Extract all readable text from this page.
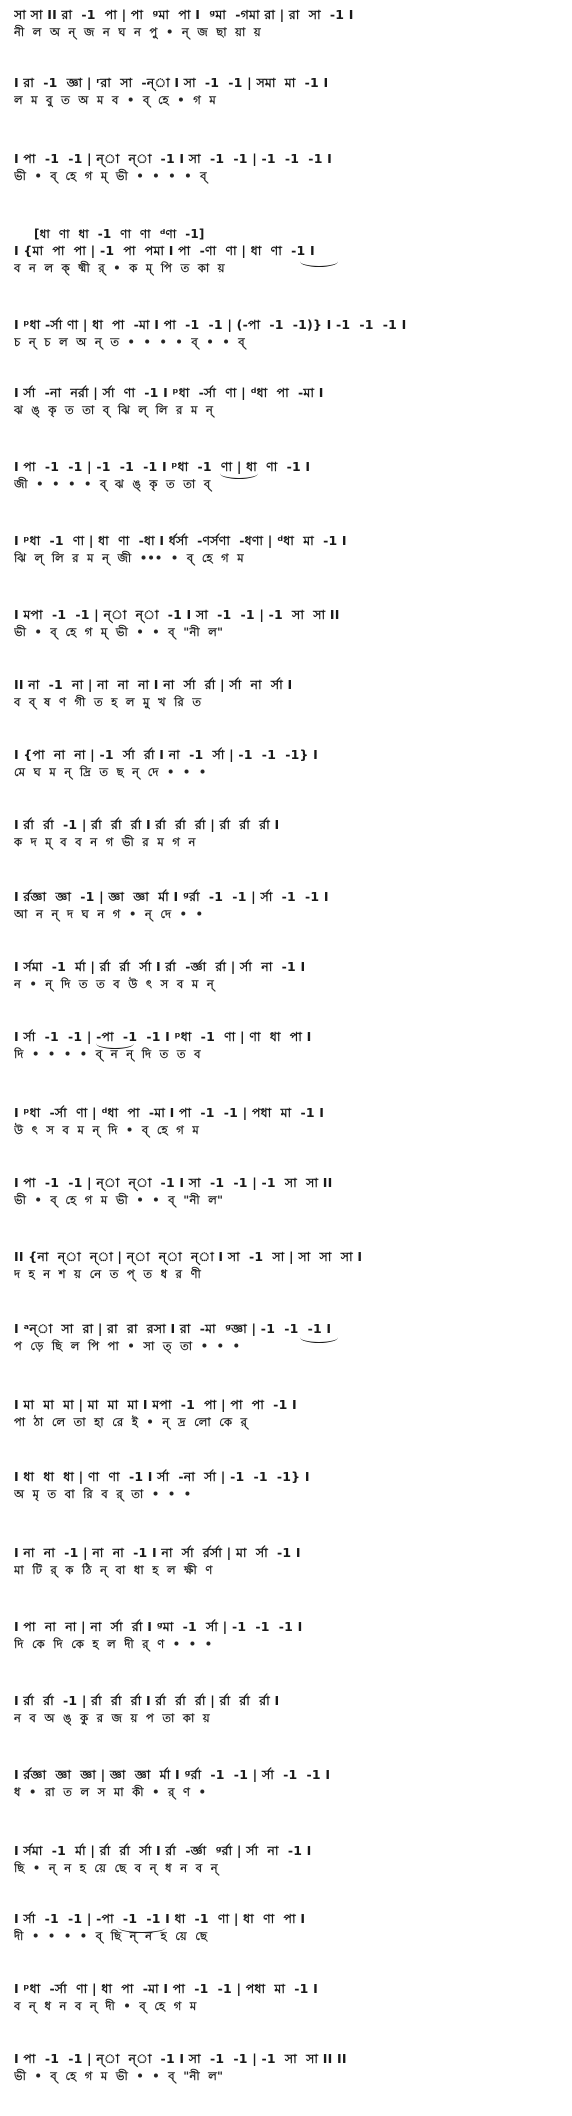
সা সা II রা  -1  পা | পা  ᵍমা  পা I  ᵍমা  -গমা রা | রা  সা  -1 I
নী  ল  অ  ন্  জ  ন  ঘ  ন  পু  •  ন্  জ  ছা  য়া  য়
I রা  -1  জ্ঞা | ʳরা  সা  -ন্‌া I সা  -1  -1 | সমা  মা  -1 I
ল  ম  বু  ত  অ  ম  ব  •  ব্  হে  •  গ  ম
I পা  -1  -1 | ন্‌া  ন্‌া  -1 I সা  -1  -1 | -1  -1  -1 I
ভী  •  ব্  হে  গ  ম্  ভী  •  •  •  •  ব্
[ধা  ণা  ধা  -1  ণা  ণা  ᵈণা  -1]
I {মা  পা  পা | -1  পা  পমা I পা  -ণা  ণা | ধা  ণা  -1 I
ব  ন  ল  ক্  ষ্মী  র্  •  ক  ম্  পি  ত  কা  য়
I ᵖধা -র্সা ণা | ধা  পা  -মা I পা  -1  -1 | (-পা  -1  -1)} I -1  -1  -1 I
চ  ন্  চ  ল  অ  ন্  ত  •  •  •  •  ব্  •  •  ব্
I র্সা  -না  নর্রা | র্সা  ণা  -1 I ᵖধা  -র্সা  ণা | ᵈধা  পা  -মা I
ঝ  ঙ্  কৃ  ত  তা  ব্  ঝি  ল্  লি  র  ম  ন্
I পা  -1  -1 | -1  -1  -1 I ᵖধা  -1  ণা | ধা  ণা  -1 I
জী  •  •  •  •  ব্  ঝ  ঙ্  কৃ  ত  তা  ব্
I ᵖধা  -1  ণা | ধা  ণা  -ধা I র্ধর্সা  -ণর্সণা  -ধণা | ᵈধা  মা  -1 I
ঝি  ল্  লি  র  ম  ন্  জী  •••  •  ব্  হে  গ  ম
I মপা  -1  -1 | ন্‌া  ন্‌া  -1 I সা  -1  -1 | -1  সা  সা II
ভী  •  ব্  হে  গ  ম্  ভী  •  •  ব্  "নী  ল"
II না  -1  না | না  না  না I না  র্সা  র্রা | র্সা  না  র্সা I
ব  ব্  ষ  ণ  গী  ত  হ  ল  মু  খ  রি  ত
I {পা  না  না | -1  র্সা  র্রা I না  -1  র্সা | -1  -1  -1} I
মে  ঘ  ম  ন্  দ্রি  ত  ছ  ন্  দে  •  •  •
I র্রা  র্রা  -1 | র্রা  র্রা  র্রা I র্রা  র্রা  র্রা | র্রা  র্রা  র্রা I
ক  দ  ম্  ব  ব  ন  গ  ভী  র  ম  গ  ন
I র্রজ্ঞা  জ্ঞা  -1 | জ্ঞা  জ্ঞা  র্মা I ᵍর্রা  -1  -1 | র্সা  -1  -1 I
আ  ন  ন্  দ  ঘ  ন  গ  •  ন্  দে  •  •
I র্সমা  -1  র্মা | র্রা  র্রা  র্সা I র্রা  -র্জ্ঞা  র্রা | র্সা  না  -1 I
ন  •  ন্  দি  ত  ত  ব  উ  ৎ  স  ব  ম  ন্
I র্সা  -1  -1 | -পা  -1  -1 I ᵖধা  -1  ণা | ণা  ধা  পা I
দি  •  •  •  •  ব্  ন  ন্  দি  ত  ত  ব
I ᵖধা  -র্সা  ণা | ᵈধা  পা  -মা I পা  -1  -1 | পধা  মা  -1 I
উ  ৎ  স  ব  ম  ন্  দি  •  ব্  হে  গ  ম
I পা  -1  -1 | ন্‌া  ন্‌া  -1 I সা  -1  -1 | -1  সা  সা II
ভী  •  ব্  হে  গ  ম  ভী  •  •  ব্  "নী  ল"
II {না  ন্‌া  ন্‌া | ন্‌া  ন্‌া  ন্‌া I সা  -1  সা | সা  সা  সা I
দ  হ  ন  শ  য়  নে  ত  প্  ত  ধ  র  ণী
I ᵃন্‌া  সা  রা | রা  রা  রসা I রা  -মা  ᵍজ্ঞা | -1  -1  -1 I
প  ড়ে  ছি  ল  পি  পা  •  সা  ত্  তা  •  •  •
I মা  মা  মা | মা  মা  মা I মপা  -1  পা | পা  পা  -1 I
পা  ঠা  লে  তা  হা  রে  ই  •  ন্  দ্র  লো  কে  র্
I ধা  ধা  ধা | ণা  ণা  -1 I র্সা  -না  র্সা | -1  -1  -1} I
অ  মৃ  ত  বা  রি  ব  র্  তা  •  •  •
I না  না  -1 | না  না  -1 I না  র্সা  র্রর্সা | মা  র্সা  -1 I
মা  টি  র্  ক  ঠি  ন্  বা  ধা  হ  ল  ক্ষী  ণ
I পা  না  না | না  র্সা  র্রা I ᵍমা  -1  র্সা | -1  -1  -1 I
দি  কে  দি  কে  হ  ল  দী  র্  ণ  •  •  •
I র্রা  র্রা  -1 | র্রা  র্রা  র্রা I র্রা  র্রা  র্রা | র্রা  র্রা  র্রা I
ন  ব  অ  ঙ্  কু  র  জ  য়  প  তা  কা  য়
I র্রজ্ঞা  জ্ঞা  জ্ঞা | জ্ঞা  জ্ঞা  র্মা I ᵍর্রা  -1  -1 | র্সা  -1  -1 I
ধ  •  রা  ত  ল  স  মা  কী  •  র্  ণ  •
I র্সমা  -1  র্মা | র্রা  র্রা  র্সা I র্রা  -র্জ্ঞা  ᵍর্রা | র্সা  না  -1 I
ছি  •  ন্  ন  হ  য়ে  ছে  ব  ন্  ধ  ন  ব  ন্
I র্সা  -1  -1 | -পা  -1  -1 I ধা  -1  ণা | ধা  ণা  পা I
দী  •  •  •  •  ব্  ছি  ন্  ন  হ  য়ে  ছে
I ᵖধা  -র্সা  ণা | ধা  পা  -মা I পা  -1  -1 | পধা  মা  -1 I
ব  ন্  ধ  ন  ব  ন্  দী  •  ব্  হে  গ  ম
I পা  -1  -1 | ন্‌া  ন্‌া  -1 I সা  -1  -1 | -1  সা  সা II II
ভী  •  ব্  হে  গ  ম  ভী  •  •  ব্  "নী  ল"
